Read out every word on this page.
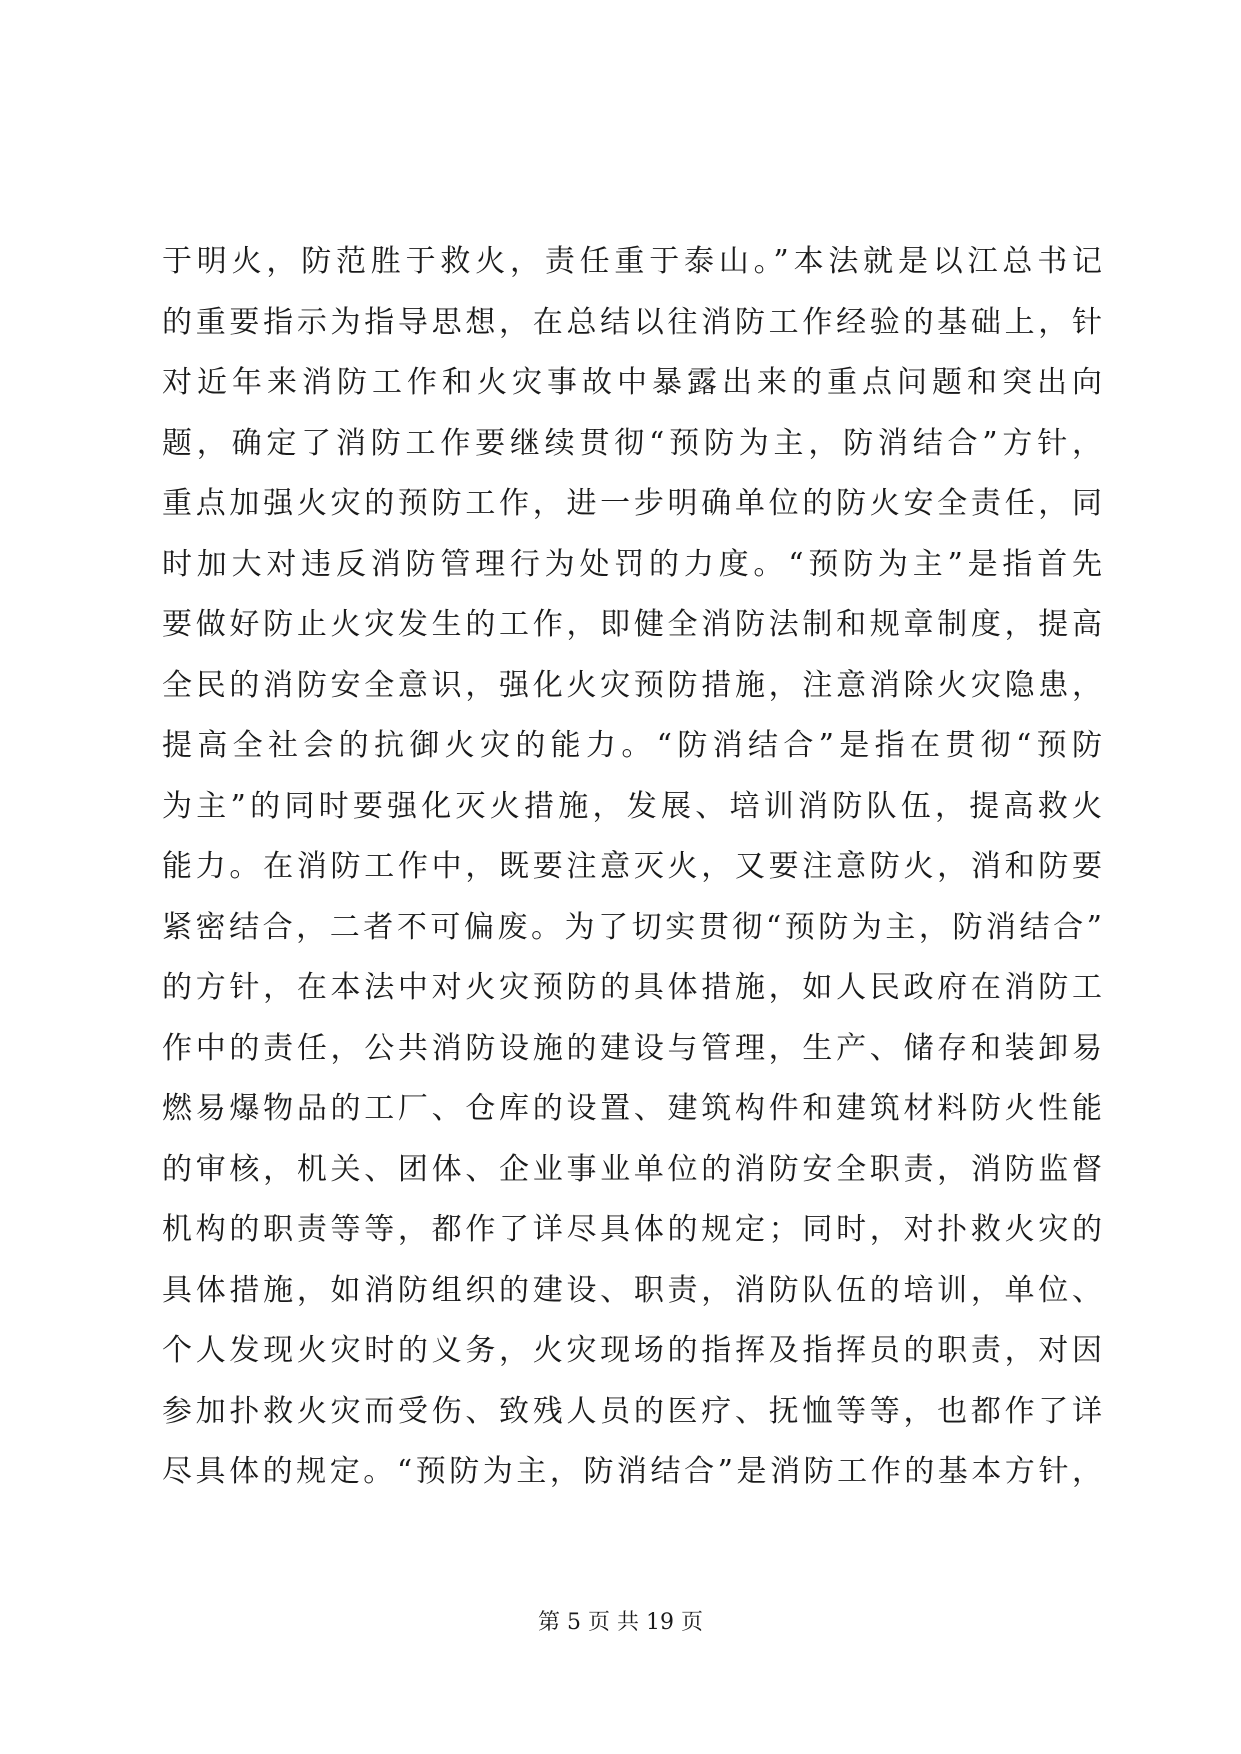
于明火，防范胜于救火，责任重于泰山。”本法就是以江总书记
的重要指示为指导思想，在总结以往消防工作经验的基础上，针
对近年来消防工作和火灾事故中暴露出来的重点问题和突出向
题，确定了消防工作要继续贯彻“预防为主，防消结合”方针，
重点加强火灾的预防工作，进一步明确单位的防火安全责任，同
时加大对违反消防管理行为处罚的力度。“预防为主”是指首先
要做好防止火灾发生的工作，即健全消防法制和规章制度，提高
全民的消防安全意识，强化火灾预防措施，注意消除火灾隐患，
提高全社会的抗御火灾的能力。“防消结合”是指在贯彻“预防
为主”的同时要强化灭火措施，发展、培训消防队伍，提高救火
能力。在消防工作中，既要注意灭火，又要注意防火，消和防要
紧密结合，二者不可偏废。为了切实贯彻“预防为主，防消结合”
的方针，在本法中对火灾预防的具体措施，如人民政府在消防工
作中的责任，公共消防设施的建设与管理，生产、储存和装卸易
燃易爆物品的工厂、仓库的设置、建筑构件和建筑材料防火性能
的审核，机关、团体、企业事业单位的消防安全职责，消防监督
机构的职责等等，都作了详尽具体的规定；同时，对扑救火灾的
具体措施，如消防组织的建设、职责，消防队伍的培训，单位、
个人发现火灾时的义务，火灾现场的指挥及指挥员的职责，对因
参加扑救火灾而受伤、致残人员的医疗、抚恤等等，也都作了详
尽具体的规定。“预防为主，防消结合”是消防工作的基本方针，
第 5 页 共 19 页
